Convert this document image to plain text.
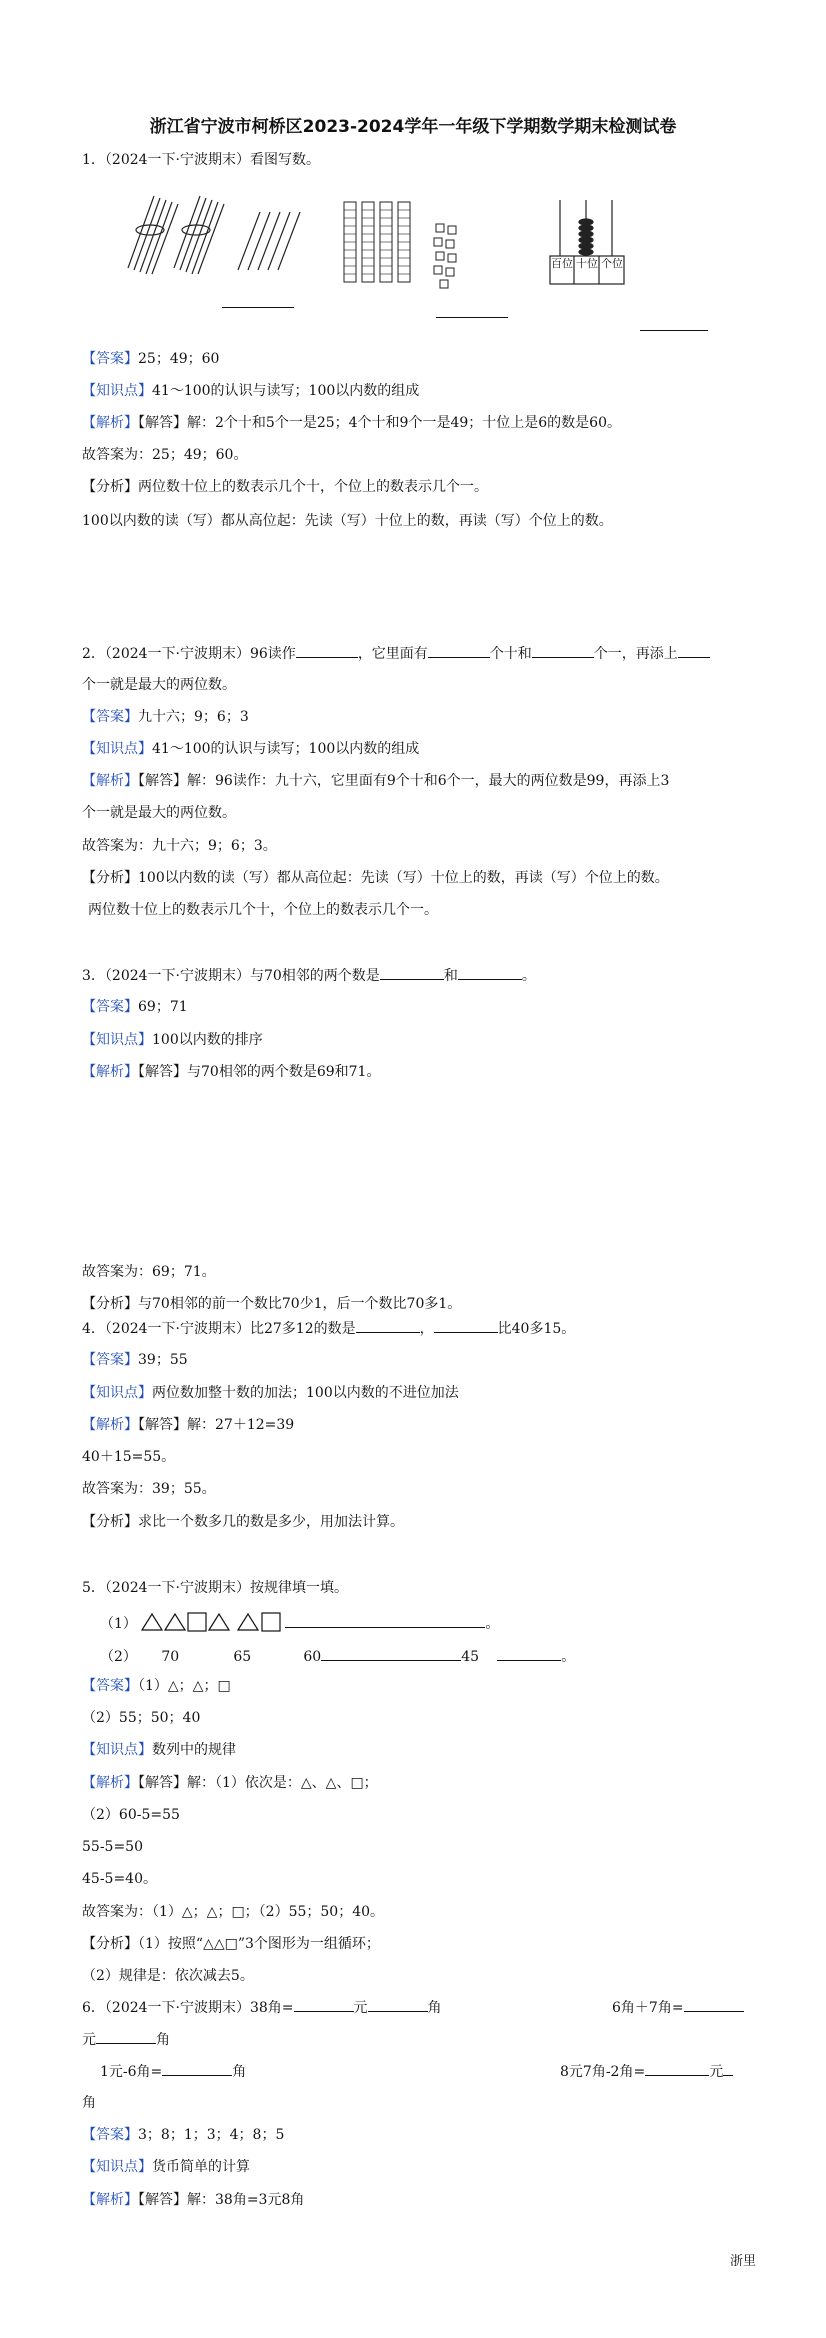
浙江省宁波市柯桥区2023-2024学年一年级下学期数学期末检测试卷
1．（2024一下·宁波期末）看图写数。
百位 十位 个位
【答案】25；49；60
【知识点】41～100的认识与读写；100以内数的组成
【解析】【解答】解：2个十和5个一是25；4个十和9个一是49；十位上是6的数是60。
故答案为：25；49；60。
【分析】两位数十位上的数表示几个十，个位上的数表示几个一。
100以内数的读（写）都从高位起：先读（写）十位上的数，再读（写）个位上的数。
2．（2024一下·宁波期末）96读作	，它里面有	个十和	个一，再添上
个一就是最大的两位数。
【答案】九十六；9；6；3
【知识点】41～100的认识与读写；100以内数的组成
【解析】【解答】解：96读作：九十六，它里面有9个十和6个一，最大的两位数是99，再添上3
个一就是最大的两位数。
故答案为：九十六；9；6；3。
【分析】100以内数的读（写）都从高位起：先读（写）十位上的数，再读（写）个位上的数。
两位数十位上的数表示几个十，个位上的数表示几个一。
3．（2024一下·宁波期末）与70相邻的两个数是	和	。
【答案】69；71
【知识点】100以内数的排序
【解析】【解答】与70相邻的两个数是69和71。
故答案为：69；71。
【分析】与70相邻的前一个数比70少1，后一个数比70多1。
4．（2024一下·宁波期末）比27多12的数是	，	比40多15。
【答案】39；55
【知识点】两位数加整十数的加法；100以内数的不进位加法
【解析】【解答】解：27＋12=39
40＋15=55。
故答案为：39；55。
【分析】求比一个数多几的数是多少，用加法计算。
5．（2024一下·宁波期末）按规律填一填。
（1）	。
（2） 70	65	60	45	。
【答案】（1）△；△；□
（2）55；50；40
【知识点】数列中的规律
【解析】【解答】解：（1）依次是：△、△、□；
（2）60-5=55
55-5=50
45-5=40。
故答案为：（1）△；△；□；（2）55；50；40。
【分析】（1）按照“△△□”3个图形为一组循环；
（2）规律是：依次减去5。
6．（2024一下·宁波期末）38角=	元	角	6角＋7角=
元	角
1元-6角=	角	8元7角-2角=	元
角
【答案】3；8；1；3；4；8；5
【知识点】货币简单的计算
【解析】【解答】解：38角=3元8角
浙里
